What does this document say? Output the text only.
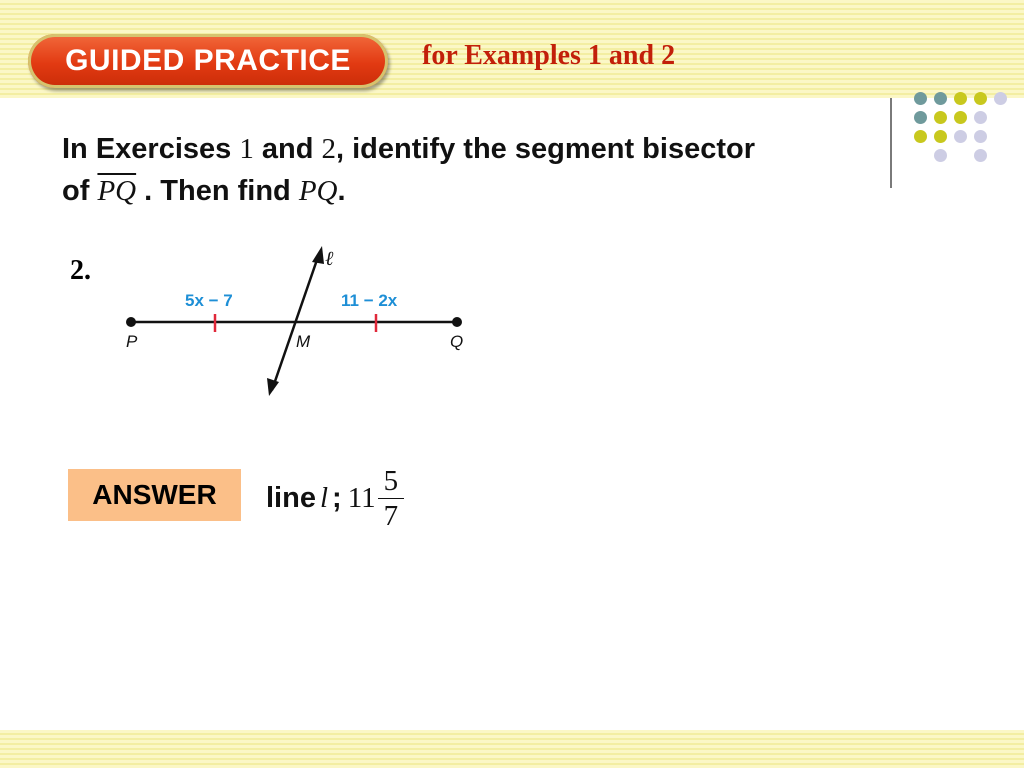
GUIDED PRACTICE	for Examples 1 and 2
In Exercises 1 and 2, identify the segment bisector
of $\overline{PQ}$ . Then find PQ.
2.	ℓ
5x − 7	11 − 2x
P	M	Q
ANSWER	line l ; $11 \frac{5}{7}$
